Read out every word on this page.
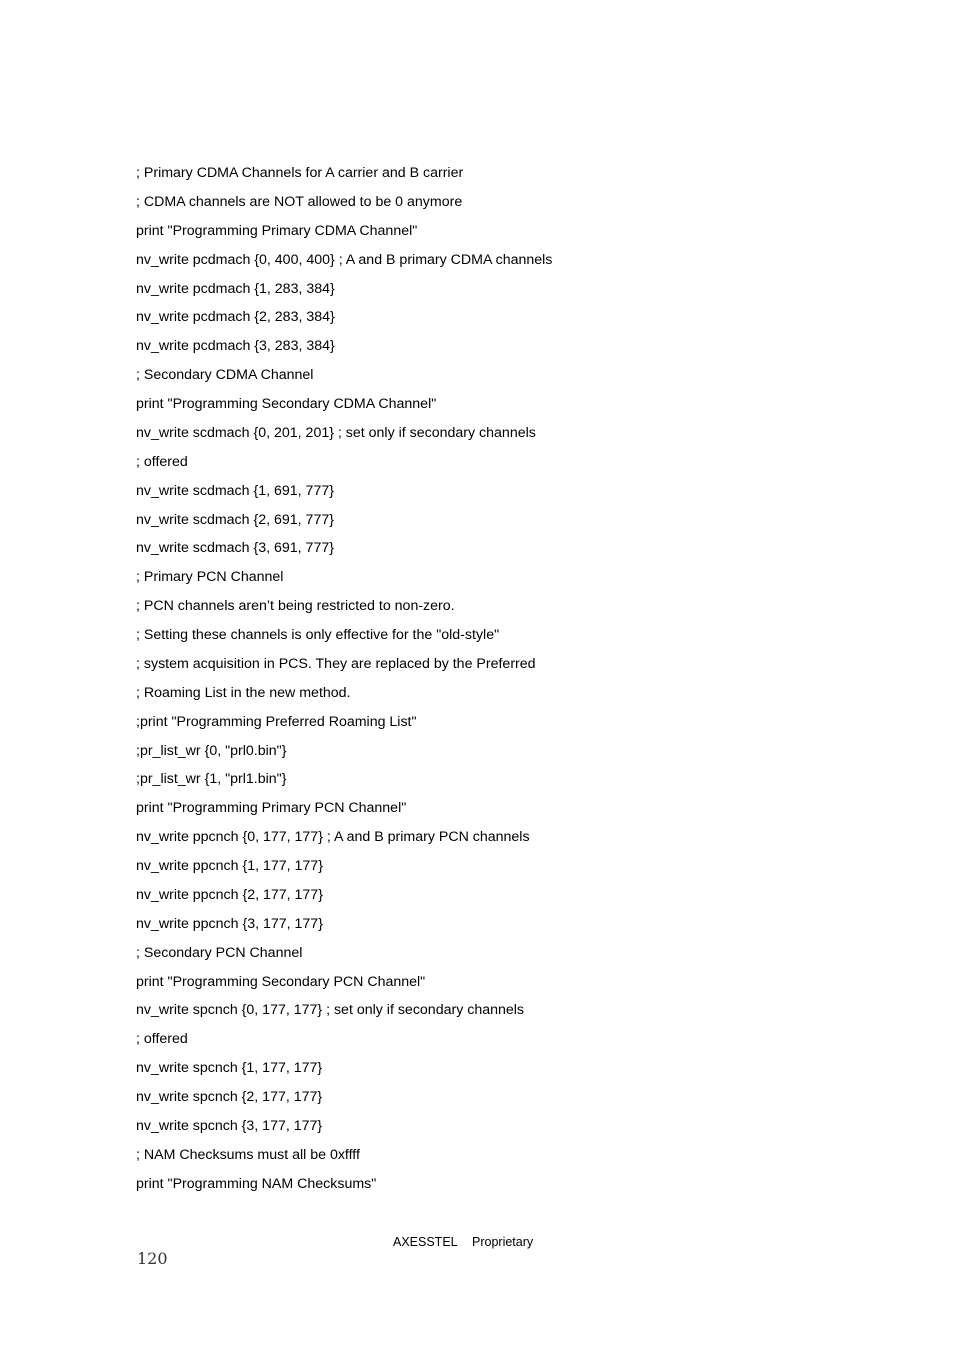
; Primary CDMA Channels for A carrier and B carrier
; CDMA channels are NOT allowed to be 0 anymore
print "Programming Primary CDMA Channel"
nv_write pcdmach {0, 400, 400} ; A and B primary CDMA channels
nv_write pcdmach {1, 283, 384}
nv_write pcdmach {2, 283, 384}
nv_write pcdmach {3, 283, 384}
; Secondary CDMA Channel
print "Programming Secondary CDMA Channel"
nv_write scdmach {0, 201, 201} ; set only if secondary channels
; offered
nv_write scdmach {1, 691, 777}
nv_write scdmach {2, 691, 777}
nv_write scdmach {3, 691, 777}
; Primary PCN Channel
; PCN channels aren’t being restricted to non-zero.
; Setting these channels is only effective for the "old-style"
; system acquisition in PCS. They are replaced by the Preferred
; Roaming List in the new method.
;print "Programming Preferred Roaming List"
;pr_list_wr {0, "prl0.bin"}
;pr_list_wr {1, "prl1.bin"}
print "Programming Primary PCN Channel"
nv_write ppcnch {0, 177, 177} ; A and B primary PCN channels
nv_write ppcnch {1, 177, 177}
nv_write ppcnch {2, 177, 177}
nv_write ppcnch {3, 177, 177}
; Secondary PCN Channel
print "Programming Secondary PCN Channel"
nv_write spcnch {0, 177, 177} ; set only if secondary channels
; offered
nv_write spcnch {1, 177, 177}
nv_write spcnch {2, 177, 177}
nv_write spcnch {3, 177, 177}
; NAM Checksums must all be 0xffff
print "Programming NAM Checksums"
AXESSTEL Proprietary
120
